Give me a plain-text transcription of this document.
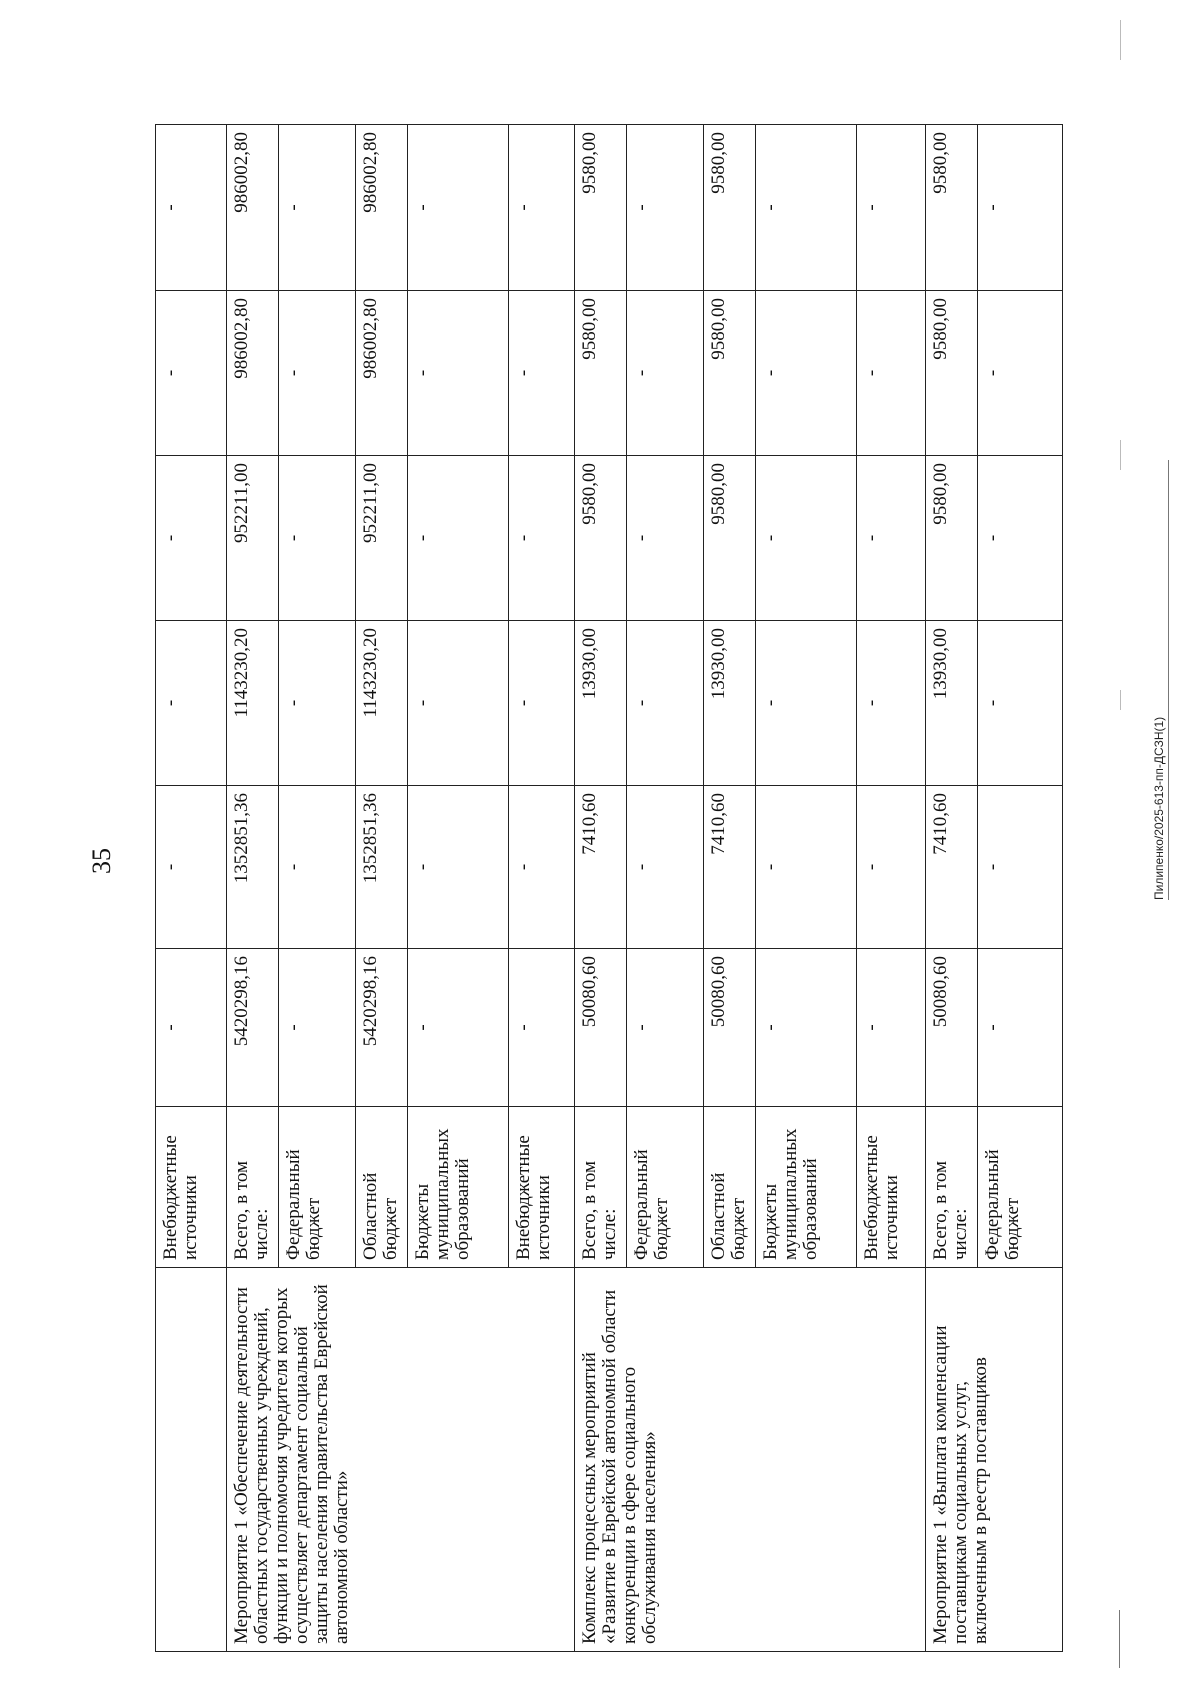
35
	Внебюджетные источники	-	-	-	-	-	-
Мероприятие 1 «Обеспечение деятельности областных государственных учреждений, функции и полномочия учредителя которых осуществляет департамент социальной защиты населения правительства Еврейской автономной области»	Всего, в том числе:	5420298,16	1352851,36	1143230,20	952211,00	986002,80	986002,80
	Федеральный бюджет	-	-	-	-	-	-
	Областной бюджет	5420298,16	1352851,36	1143230,20	952211,00	986002,80	986002,80
	Бюджеты муниципальных образований	-	-	-	-	-	-
	Внебюджетные источники	-	-	-	-	-	-
Комплекс процессных мероприятий «Развитие в Еврейской автономной области конкуренции в сфере социального обслуживания населения»	Всего, в том числе:	50080,60	7410,60	13930,00	9580,00	9580,00	9580,00
	Федеральный бюджет	-	-	-	-	-	-
	Областной бюджет	50080,60	7410,60	13930,00	9580,00	9580,00	9580,00
	Бюджеты муниципальных образований	-	-	-	-	-	-
	Внебюджетные источники	-	-	-	-	-	-
Мероприятие 1 «Выплата компенсации поставщикам социальных услуг, включенным в реестр поставщиков	Всего, в том числе:	50080,60	7410,60	13930,00	9580,00	9580,00	9580,00
	Федеральный бюджет	-	-	-	-	-	-
Пилипенко/2025-613-пп-ДСЗН(1)
